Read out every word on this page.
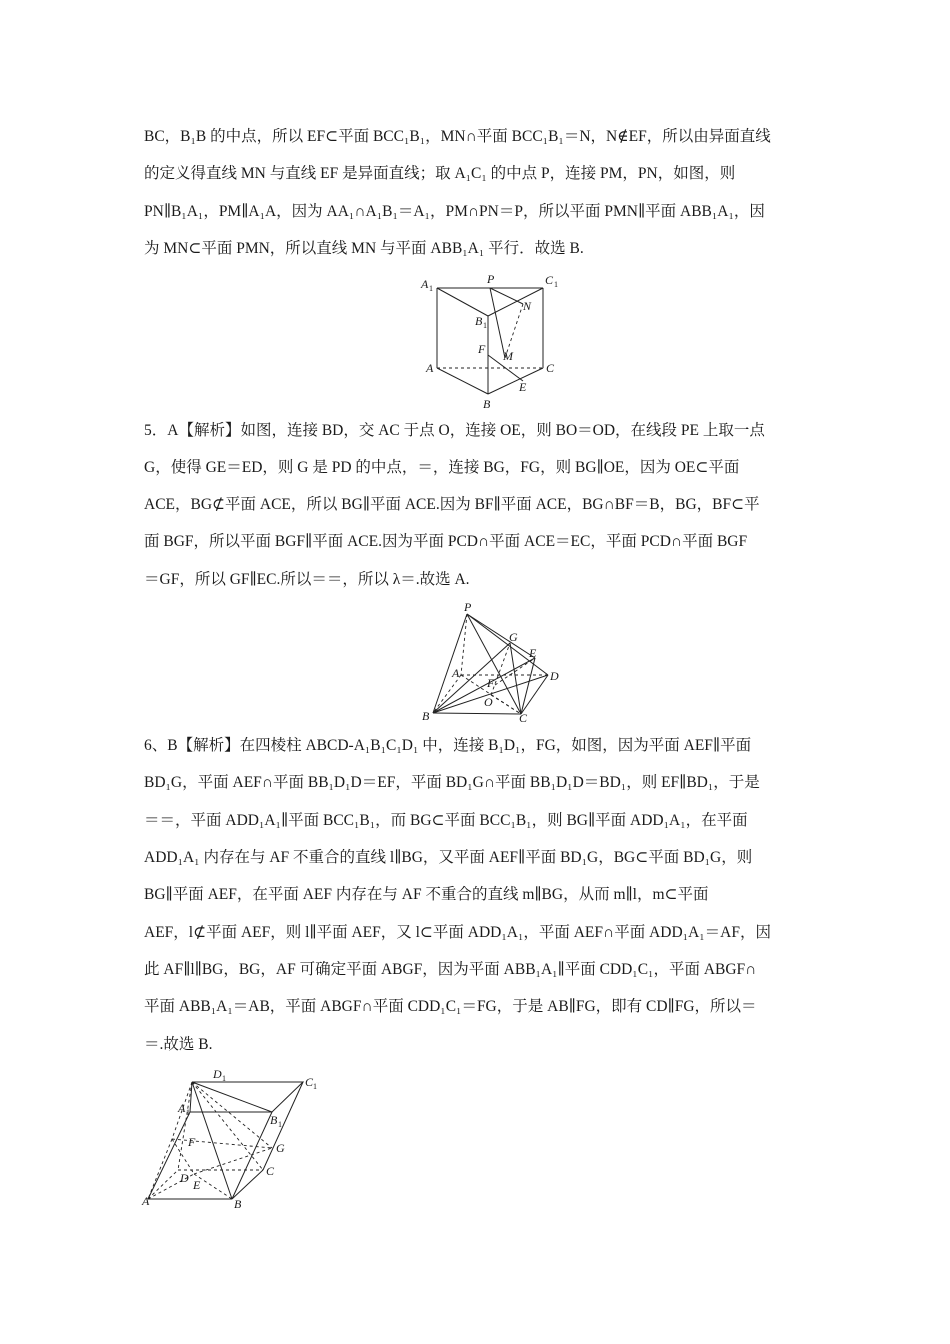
BC，B₁B 的中点，所以 EF⊂平面 BCC₁B₁，MN∩平面 BCC₁B₁＝N，N∉EF，所以由异面直线
的定义得直线 MN 与直线 EF 是异面直线；取 A₁C₁ 的中点 P，连接 PM，PN，如图，则
PN∥B₁A₁，PM∥A₁A，因为 AA₁∩A₁B₁＝A₁，PM∩PN＝P，所以平面 PMN∥平面 ABB₁A₁，因
为 MN⊂平面 PMN，所以直线 MN 与平面 ABB₁A₁ 平行．故选 B.
A 1
P	C 1
B 1
N
F M
A	C
E
B
5．A【解析】如图，连接 BD，交 AC 于点 O，连接 OE，则 BO＝OD，在线段 PE 上取一点
G，使得 GE＝ED，则 G 是 PD 的中点，＝，连接 BG，FG，则 BG∥OE，因为 OE⊂平面
ACE，BG⊄平面 ACE，所以 BG∥平面 ACE.因为 BF∥平面 ACE，BG∩BF＝B，BG，BF⊂平
面 BGF，所以平面 BGF∥平面 ACE.因为平面 PCD∩平面 ACE＝EC，平面 PCD∩平面 BGF
＝GF，所以 GF∥EC.所以＝＝，所以 λ＝.故选 A.
P
G
E
A
F	D
O
B	C
6、B【解析】在四棱柱 ABCD-A₁B₁C₁D₁ 中，连接 B₁D₁，FG，如图，因为平面 AEF∥平面
BD₁G，平面 AEF∩平面 BB₁D₁D＝EF，平面 BD₁G∩平面 BB₁D₁D＝BD₁，则 EF∥BD₁，于是
＝＝，平面 ADD₁A₁∥平面 BCC₁B₁，而 BG⊂平面 BCC₁B₁，则 BG∥平面 ADD₁A₁，在平面
ADD₁A₁ 内存在与 AF 不重合的直线 l∥BG，又平面 AEF∥平面 BD₁G，BG⊂平面 BD₁G，则
BG∥平面 AEF，在平面 AEF 内存在与 AF 不重合的直线 m∥BG，从而 m∥l，m⊂平面
AEF，l⊄平面 AEF，则 l∥平面 AEF，又 l⊂平面 ADD₁A₁，平面 AEF∩平面 ADD₁A₁＝AF，因
此 AF∥l∥BG，BG，AF 可确定平面 ABGF，因为平面 ABB₁A₁∥平面 CDD₁C₁，平面 ABGF∩
平面 ABB₁A₁＝AB，平面 ABGF∩平面 CDD₁C₁＝FG，于是 AB∥FG，即有 CD∥FG，所以＝
＝.故选 B.
D 1	C 1
A 1
B 1
F	G
C
D E
A	B
